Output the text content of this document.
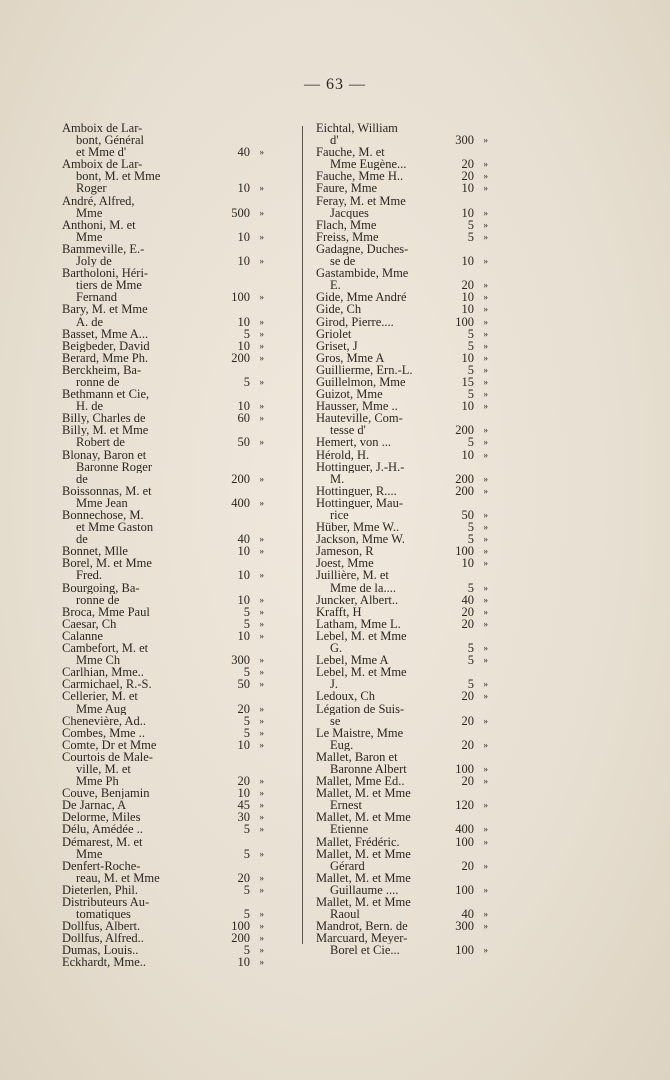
— 63 —
Amboix de Lar-
bont, Général
et Mme d'	40	»
Amboix de Lar-
bont, M. et Mme
Roger	10	»
André, Alfred,
Mme	500	»
Anthoni, M. et
Mme	10	»
Bammeville, E.-
Joly de	10	»
Bartholoni, Héri-
tiers de Mme
Fernand	100	»
Bary, M. et Mme
A. de	10	»
Basset, Mme A...	5	»
Beigbeder, David	10	»
Berard, Mme Ph.	200	»
Berckheim, Ba-
ronne de	5	»
Bethmann et Cie,
H. de	10	»
Billy, Charles de	60	»
Billy, M. et Mme
Robert de	50	»
Blonay, Baron et
Baronne Roger
de	200	»
Boissonnas, M. et
Mme Jean	400	»
Bonnechose, M.
et Mme Gaston
de	40	»
Bonnet, Mlle	10	»
Borel, M. et Mme
Fred.	10	»
Bourgoing, Ba-
ronne de	10	»
Broca, Mme Paul	5	»
Caesar, Ch	5	»
Calanne	10	»
Cambefort, M. et
Mme Ch	300	»
Carlhian, Mme..	5	»
Carmichael, R.-S.	50	»
Cellerier, M. et
Mme Aug	20	»
Chenevière, Ad..	5	»
Combes, Mme ..	5	»
Comte, Dr et Mme	10	»
Courtois de Male-
ville, M. et
Mme Ph	20	»
Couve, Benjamin	10	»
De Jarnac, A	45	»
Delorme, Miles	30	»
Délu, Amédée ..	5	»
Démarest, M. et
Mme	5	»
Denfert-Roche-
reau, M. et Mme	20	»
Dieterlen, Phil.	5	»
Distributeurs Au-
tomatiques	5	»
Dollfus, Albert.	100	»
Dollfus, Alfred..	200	»
Dumas, Louis..	5	»
Eckhardt, Mme..	10	»
Eichtal, William
d'	300	»
Fauche, M. et
Mme Eugène...	20	»
Fauche, Mme H..	20	»
Faure, Mme	10	»
Feray, M. et Mme
Jacques	10	»
Flach, Mme	5	»
Freiss, Mme	5	»
Gadagne, Duches-
se de	10	»
Gastambide, Mme
E.	20	»
Gide, Mme André	10	»
Gide, Ch	10	»
Girod, Pierre....	100	»
Griolet	5	»
Griset, J	5	»
Gros, Mme A	10	»
Guillierme, Ern.-L.	5	»
Guillelmon, Mme	15	»
Guizot, Mme	5	»
Hausser, Mme ..	10	»
Hauteville, Com-
tesse d'	200	»
Hemert, von ...	5	»
Hérold, H.	10	»
Hottinguer, J.-H.-
M.	200	»
Hottinguer, R....	200	»
Hottinguer, Mau-
rice	50	»
Hüber, Mme W..	5	»
Jackson, Mme W.	5	»
Jameson, R	100	»
Joest, Mme	10	»
Juillière, M. et
Mme de la....	5	»
Juncker, Albert..	40	»
Krafft, H	20	»
Latham, Mme L.	20	»
Lebel, M. et Mme
G.	5	»
Lebel, Mme A	5	»
Lebel, M. et Mme
J.	5	»
Ledoux, Ch	20	»
Légation de Suis-
se	20	»
Le Maistre, Mme
Eug.	20	»
Mallet, Baron et
Baronne Albert	100	»
Mallet, Mme Ed..	20	»
Mallet, M. et Mme
Ernest	120	»
Mallet, M. et Mme
Etienne	400	»
Mallet, Frédéric.	100	»
Mallet, M. et Mme
Gérard	20	»
Mallet, M. et Mme
Guillaume ....	100	»
Mallet, M. et Mme
Raoul	40	»
Mandrot, Bern. de	300	»
Marcuard, Meyer-
Borel et Cie...	100	»
